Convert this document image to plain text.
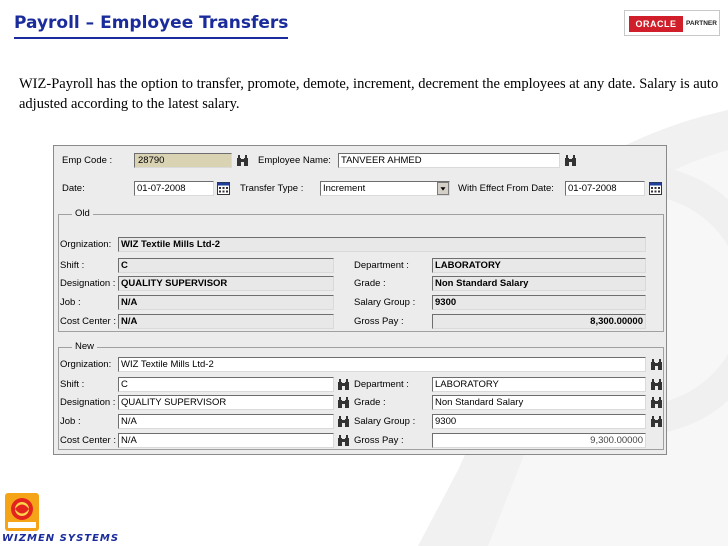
Payroll – Employee Transfers	ORACLE	PARTNER
WIZ-Payroll has the option to transfer, promote, demote, increment, decrement the employees at any date. Salary is auto adjusted according to the latest salary.
Emp Code :	28790	Employee Name:	TANVEER AHMED
Date:	01-07-2008	Transfer Type :	Increment	With Effect From Date:	01-07-2008
Old
Orgnization:	WIZ Textile Mills Ltd-2
Shift :	C	Department :	LABORATORY
Designation : QUALITY SUPERVISOR	Grade :	Non Standard Salary
Job :	N/A	Salary Group :	9300
Cost Center : N/A	Gross Pay :	8,300.00000
New
Orgnization:	WIZ Textile Mills Ltd-2
Shift :	C	Department :	LABORATORY
Designation : QUALITY SUPERVISOR	Grade :	Non Standard Salary
Job :	N/A	Salary Group :	9300
Cost Center : N/A	Gross Pay :	9,300.00000
WIZMEN SYSTEMS
